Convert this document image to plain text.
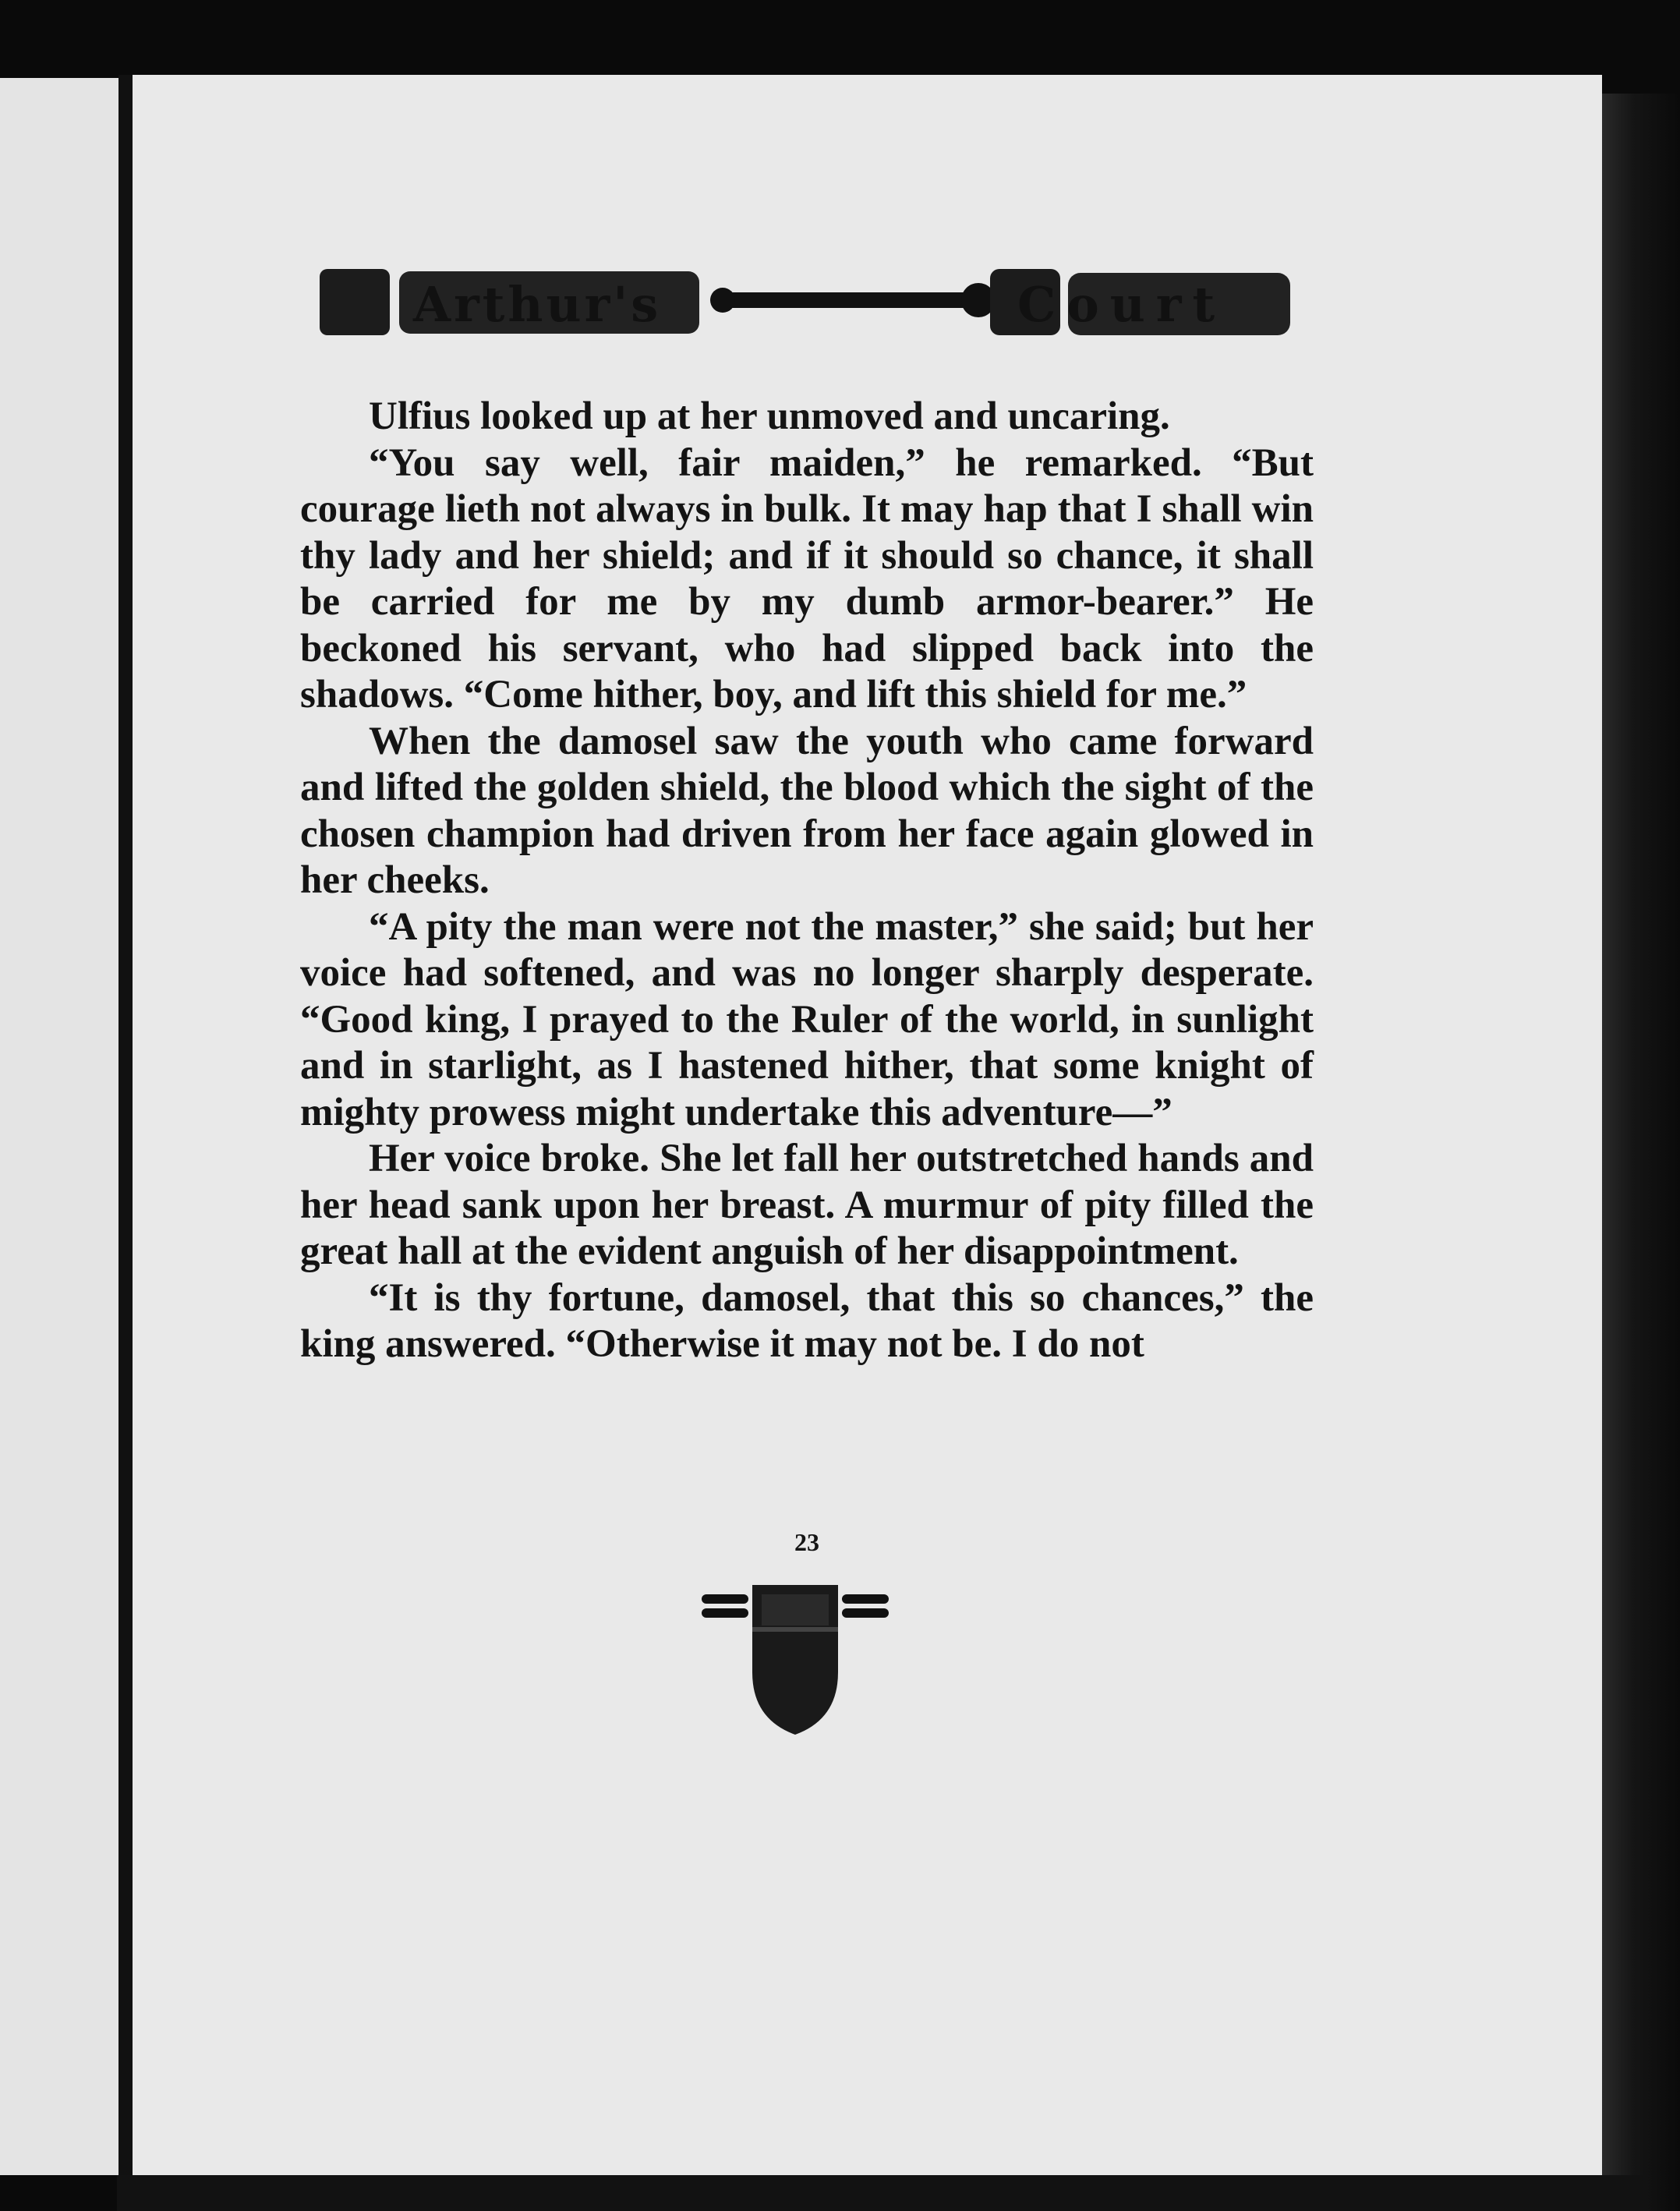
Arthur's	Court

Ulfius looked up at her unmoved and uncaring.

“You say well, fair maiden,” he remarked. “But courage lieth not always in bulk. It may hap that I shall win thy lady and her shield; and if it should so chance, it shall be carried for me by my dumb armor-bearer.” He beckoned his servant, who had slipped back into the shadows. “Come hither, boy, and lift this shield for me.”

When the damosel saw the youth who came forward and lifted the golden shield, the blood which the sight of the chosen champion had driven from her face again glowed in her cheeks.

“A pity the man were not the master,” she said; but her voice had softened, and was no longer sharply desperate. “Good king, I prayed to the Ruler of the world, in sunlight and in starlight, as I hastened hither, that some knight of mighty prowess might undertake this adventure—”

Her voice broke. She let fall her outstretched hands and her head sank upon her breast. A murmur of pity filled the great hall at the evident anguish of her disappointment.

“It is thy fortune, damosel, that this so chances,” the king answered. “Otherwise it may not be. I do not

23
